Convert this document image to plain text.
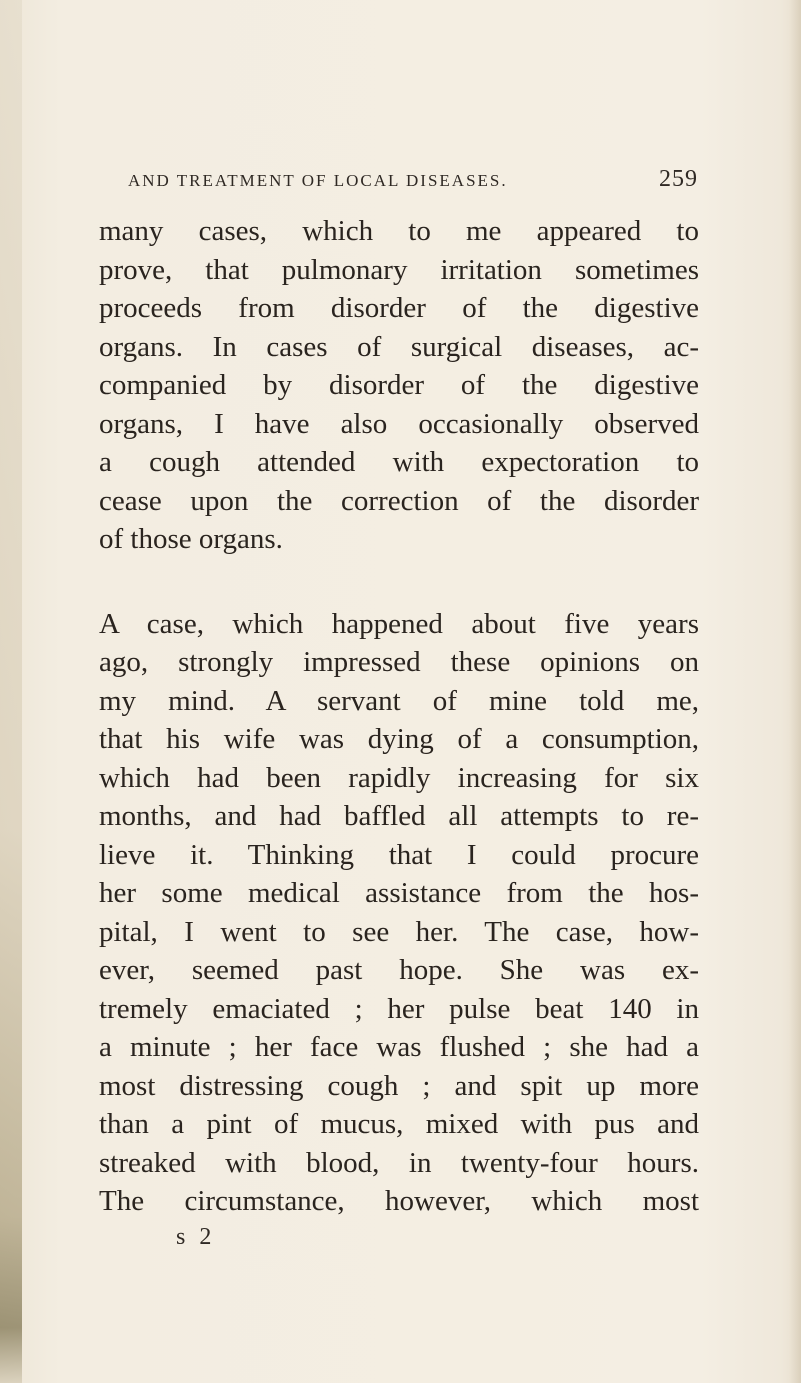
AND TREATMENT OF LOCAL DISEASES.	259
many cases, which to me appeared to
prove, that pulmonary irritation sometimes
proceeds from disorder of the digestive
organs. In cases of surgical diseases, ac-
companied by disorder of the digestive
organs, I have also occasionally observed
a cough attended with expectoration to
cease upon the correction of the disorder
of those organs.
A case, which happened about five years
ago, strongly impressed these opinions on
my mind. A servant of mine told me,
that his wife was dying of a consumption,
which had been rapidly increasing for six
months, and had baffled all attempts to re-
lieve it. Thinking that I could procure
her some medical assistance from the hos-
pital, I went to see her. The case, how-
ever, seemed past hope. She was ex-
tremely emaciated ; her pulse beat 140 in
a minute ; her face was flushed ; she had a
most distressing cough ; and spit up more
than a pint of mucus, mixed with pus and
streaked with blood, in twenty-four hours.
The circumstance, however, which most
s 2
